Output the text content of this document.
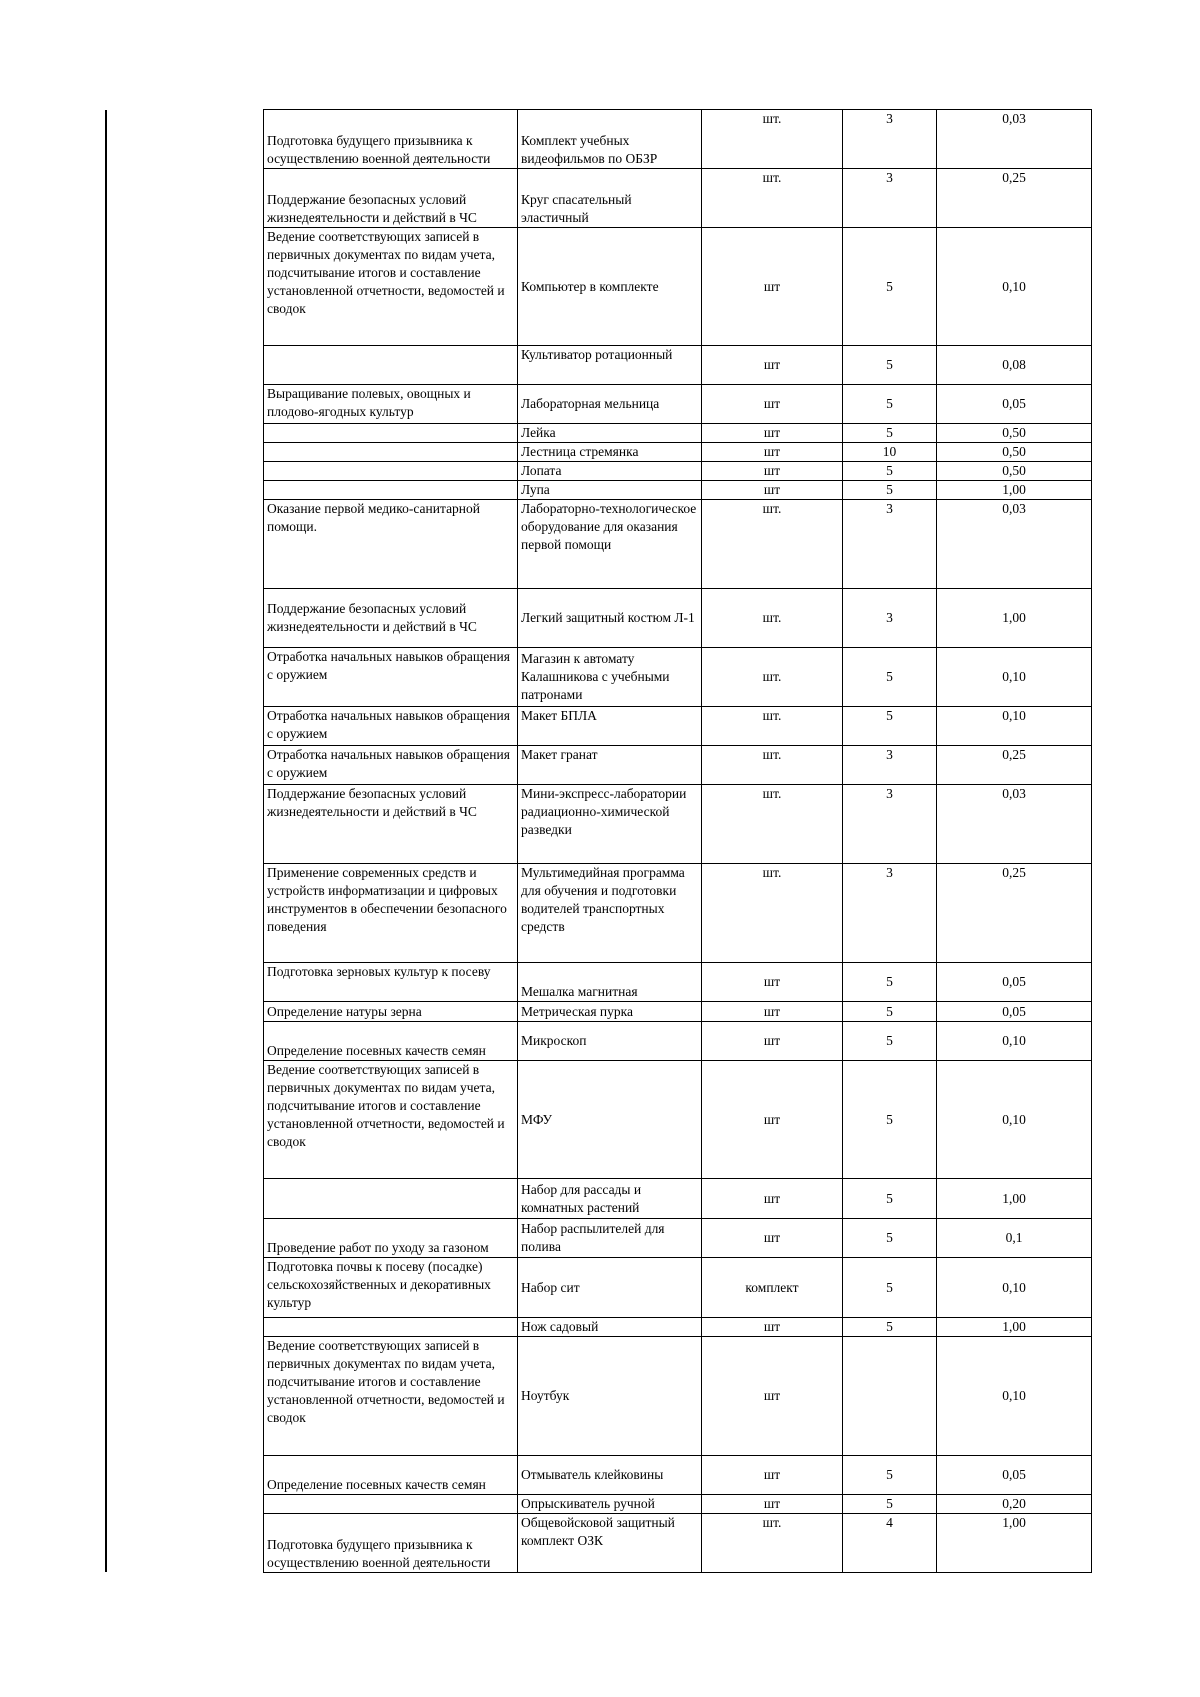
Подготовка будущего призывника к осуществлению военной деятельности	Комплект учебных видеофильмов по ОБЗР	шт.	3	0,03
Поддержание безопасных условий жизнедеятельности и действий в ЧС	Круг спасательный эластичный	шт.	3	0,25
Ведение соответствующих записей в первичных документах по видам учета, подсчитывание итогов и составление установленной отчетности, ведомостей и сводок	Компьютер в комплекте	шт	5	0,10
	Культиватор ротационный	шт	5	0,08
Выращивание полевых, овощных и плодово-ягодных культур	Лабораторная мельница	шт	5	0,05
	Лейка	шт	5	0,50
	Лестница стремянка	шт	10	0,50
	Лопата	шт	5	0,50
	Лупа	шт	5	1,00
Оказание первой медико-санитарной помощи.	Лабораторно-технологическое оборудование для оказания первой помощи	шт.	3	0,03
Поддержание безопасных условий жизнедеятельности и действий в ЧС	Легкий защитный костюм Л-1	шт.	3	1,00
Отработка начальных навыков обращения с оружием	Магазин к автомату Калашникова с учебными патронами	шт.	5	0,10
Отработка начальных навыков обращения с оружием	Макет БПЛА	шт.	5	0,10
Отработка начальных навыков обращения с оружием	Макет гранат	шт.	3	0,25
Поддержание безопасных условий жизнедеятельности и действий в ЧС	Мини-экспресс-лаборатории радиационно-химической разведки	шт.	3	0,03
Применение современных средств и устройств информатизации и цифровых инструментов в обеспечении безопасного поведения	Мультимедийная программа для обучения и подготовки водителей транспортных средств	шт.	3	0,25
Подготовка зерновых культур к посеву	Мешалка магнитная	шт	5	0,05
Определение натуры зерна	Метрическая пурка	шт	5	0,05
Определение посевных качеств семян	Микроскоп	шт	5	0,10
Ведение соответствующих записей в первичных документах по видам учета, подсчитывание итогов и составление установленной отчетности, ведомостей и сводок	МФУ	шт	5	0,10
	Набор для рассады и комнатных растений	шт	5	1,00
Проведение работ по уходу за газоном	Набор распылителей для полива	шт	5	0,1
Подготовка почвы к посеву (посадке) сельскохозяйственных и декоративных культур	Набор сит	комплект	5	0,10
	Нож садовый	шт	5	1,00
Ведение соответствующих записей в первичных документах по видам учета, подсчитывание итогов и составление установленной отчетности, ведомостей и сводок	Ноутбук	шт		0,10
Определение посевных качеств семян	Отмыватель клейковины	шт	5	0,05
	Опрыскиватель ручной	шт	5	0,20
Подготовка будущего призывника к осуществлению военной деятельности	Общевойсковой защитный комплект ОЗК	шт.	4	1,00
